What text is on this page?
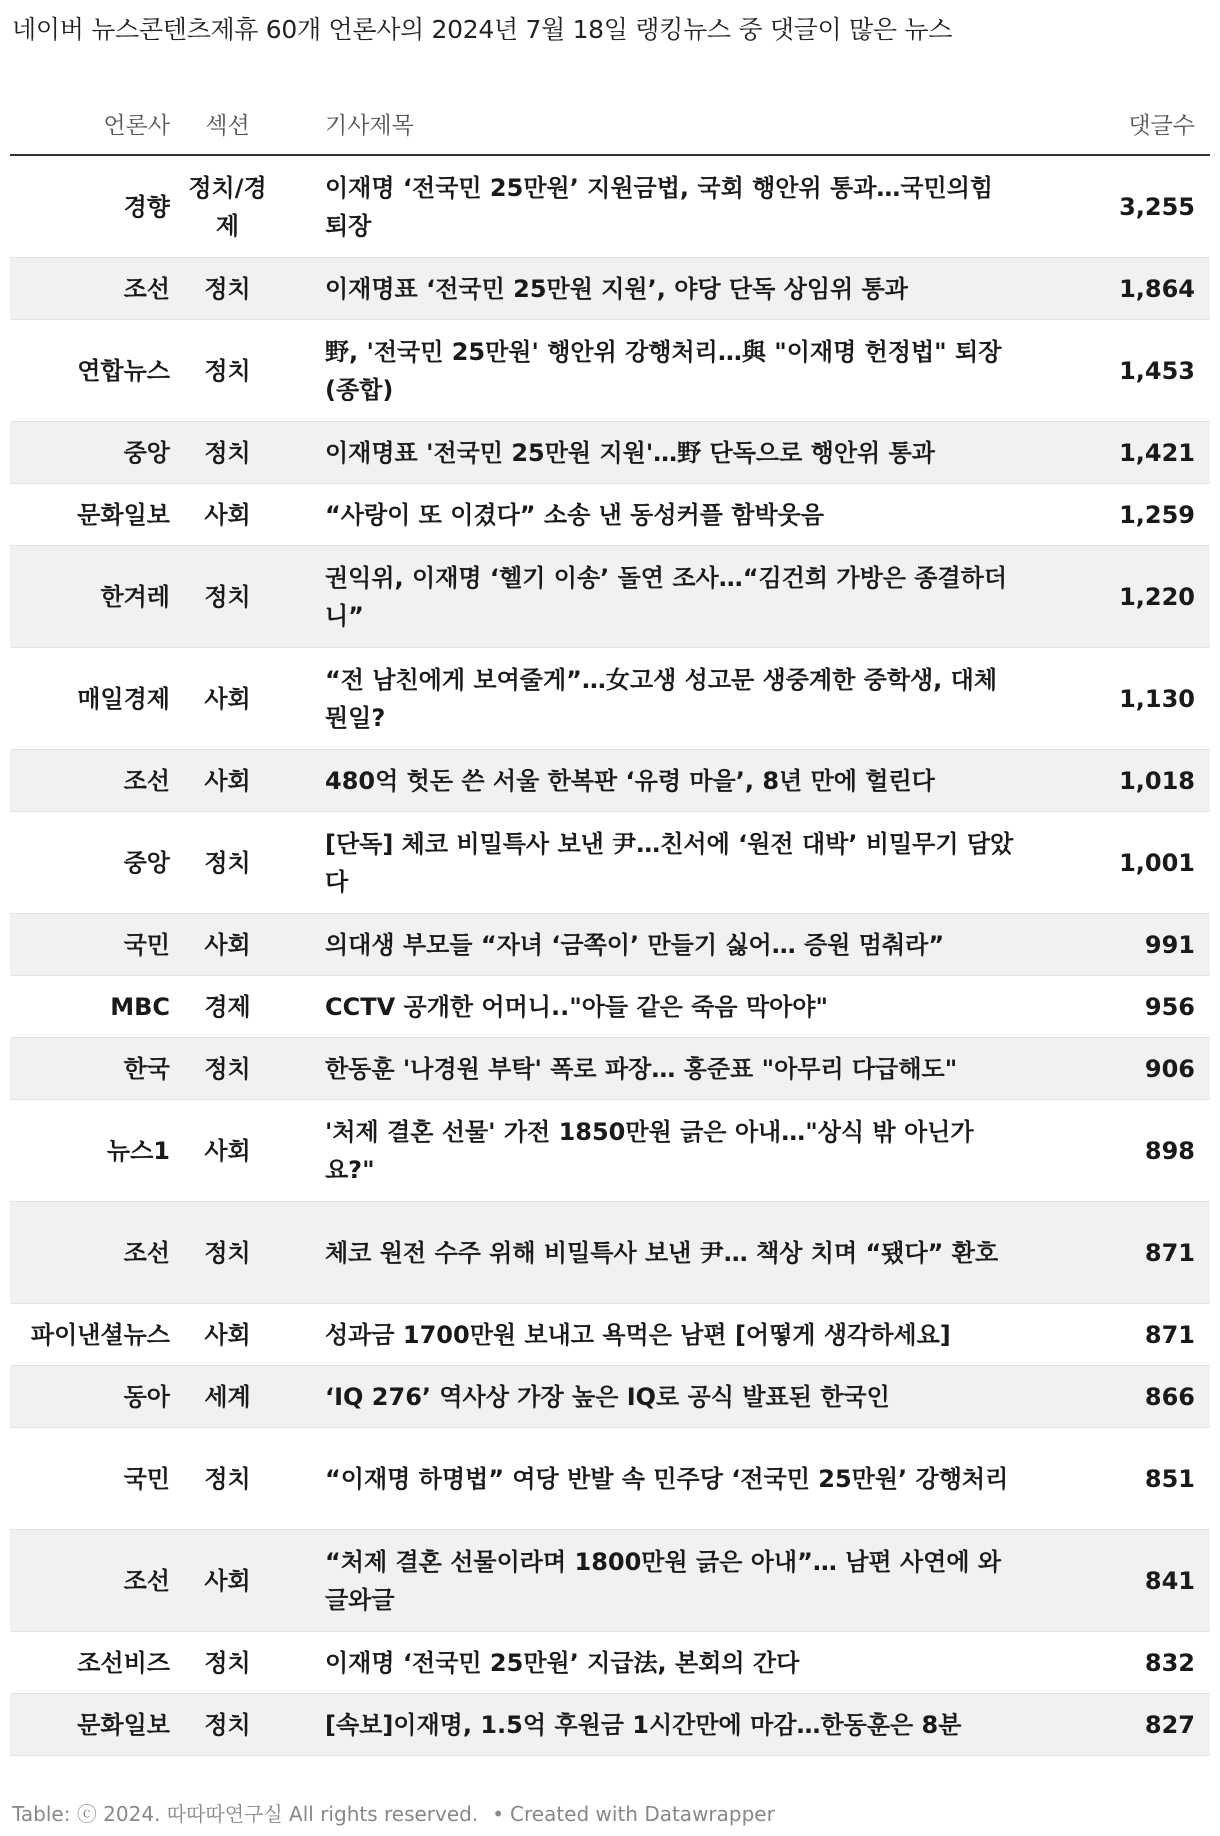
네이버 뉴스콘텐츠제휴 60개 언론사의 2024년 7월 18일 랭킹뉴스 중 댓글이 많은 뉴스
언론사	섹션	기사제목	댓글수
경향	정치/경제	이재명 ‘전국민 25만원’ 지원금법, 국회 행안위 통과…국민의힘 퇴장	3,255
조선	정치	이재명표 ‘전국민 25만원 지원’, 야당 단독 상임위 통과	1,864
연합뉴스	정치	野, '전국민 25만원' 행안위 강행처리…與 "이재명 헌정법" 퇴장(종합)	1,453
중앙	정치	이재명표 '전국민 25만원 지원'…野 단독으로 행안위 통과	1,421
문화일보	사회	“사랑이 또 이겼다” 소송 낸 동성커플 함박웃음	1,259
한겨레	정치	권익위, 이재명 ‘헬기 이송’ 돌연 조사…“김건희 가방은 종결하더니”	1,220
매일경제	사회	“전 남친에게 보여줄게”…女고생 성고문 생중계한 중학생, 대체 뭔일?	1,130
조선	사회	480억 헛돈 쓴 서울 한복판 ‘유령 마을’, 8년 만에 헐린다	1,018
중앙	정치	[단독] 체코 비밀특사 보낸 尹…친서에 ‘원전 대박’ 비밀무기 담았다	1,001
국민	사회	의대생 부모들 “자녀 ‘금쪽이’ 만들기 싫어… 증원 멈춰라”	991
MBC	경제	CCTV 공개한 어머니.."아들 같은 죽음 막아야"	956
한국	정치	한동훈 '나경원 부탁' 폭로 파장… 홍준표 "아무리 다급해도"	906
뉴스1	사회	'처제 결혼 선물' 가전 1850만원 긁은 아내…"상식 밖 아닌가요?"	898
조선	정치	체코 원전 수주 위해 비밀특사 보낸 尹… 책상 치며 “됐다” 환호	871
파이낸셜뉴스	사회	성과금 1700만원 보내고 욕먹은 남편 [어떻게 생각하세요]	871
동아	세계	‘IQ 276’ 역사상 가장 높은 IQ로 공식 발표된 한국인	866
국민	정치	“이재명 하명법” 여당 반발 속 민주당 ‘전국민 25만원’ 강행처리	851
조선	사회	“처제 결혼 선물이라며 1800만원 긁은 아내”… 남편 사연에 와글와글	841
조선비즈	정치	이재명 ‘전국민 25만원’ 지급法, 본회의 간다	832
문화일보	정치	[속보]이재명, 1.5억 후원금 1시간만에 마감…한동훈은 8분	827
Table: ⓒ 2024. 따따따연구실 All rights reserved. • Created with Datawrapper
